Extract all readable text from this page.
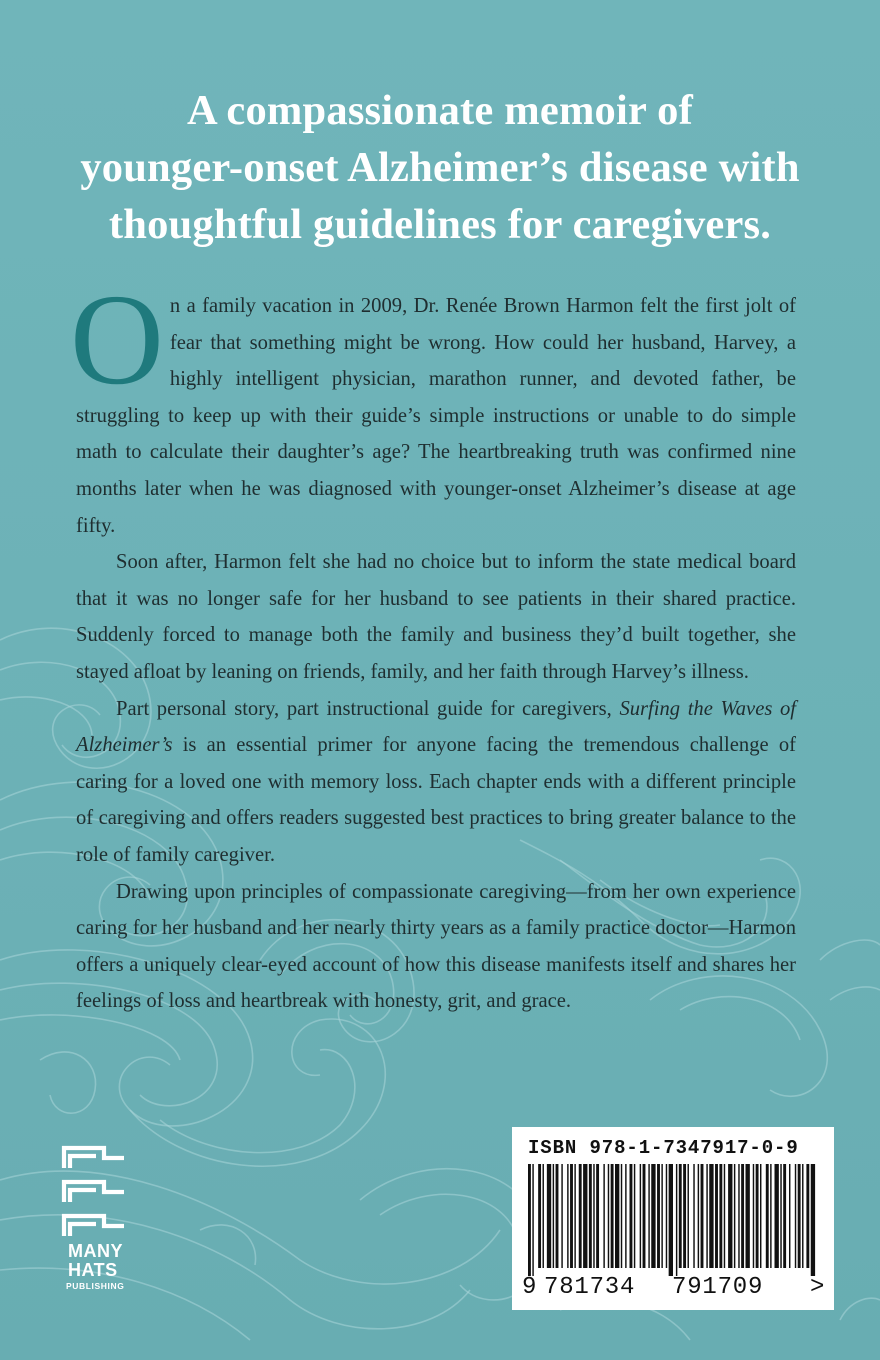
A compassionate memoir of
younger-onset Alzheimer’s disease with
thoughtful guidelines for caregivers.

On a family vacation in 2009, Dr. Renée Brown Harmon felt the first jolt of fear that something might be wrong. How could her husband, Harvey, a highly intelligent physician, marathon runner, and devoted father, be struggling to keep up with their guide’s simple instructions or unable to do simple math to calculate their daughter’s age? The heartbreaking truth was confirmed nine months later when he was diagnosed with younger-onset Alzheimer’s disease at age fifty.

Soon after, Harmon felt she had no choice but to inform the state medical board that it was no longer safe for her husband to see patients in their shared practice. Suddenly forced to manage both the family and business they’d built together, she stayed afloat by leaning on friends, family, and her faith through Harvey’s illness.

Part personal story, part instructional guide for caregivers, Surfing the Waves of Alzheimer’s is an essential primer for anyone facing the tremendous challenge of caring for a loved one with memory loss. Each chapter ends with a different principle of caregiving and offers readers suggested best practices to bring greater balance to the role of family caregiver.

Drawing upon principles of compassionate caregiving—from her own experience caring for her husband and her nearly thirty years as a family practice doctor—Harmon offers a uniquely clear-eyed account of how this disease manifests itself and shares her feelings of loss and heartbreak with honesty, grit, and grace.

MANY
HATS
PUBLISHING
ISBN 978-1-7347917-0-9
9 781734 791709 >
